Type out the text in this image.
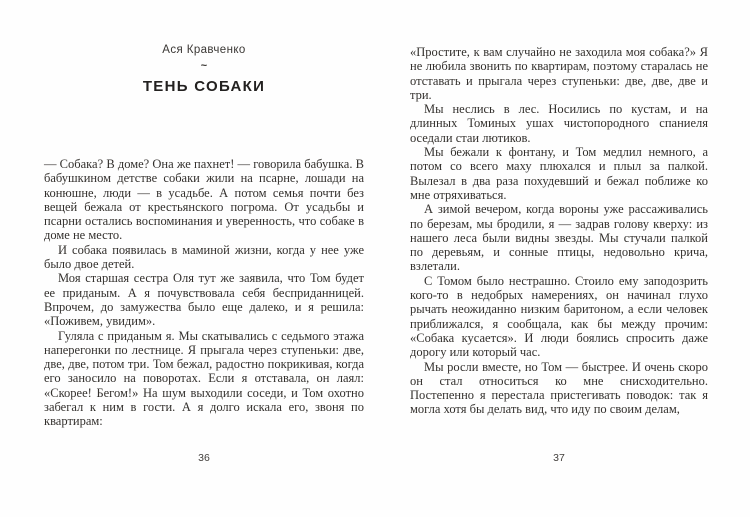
Ася Кравченко
~
ТЕНЬ СОБАКИ

— Собака? В доме? Она же пахнет! — говорила бабушка. В бабушкином детстве собаки жили на псарне, лошади на конюшне, люди — в усадьбе. А потом семья почти без вещей бежала от крестьянского погрома. От усадьбы и псарни остались воспоминания и уверенность, что собаке в доме не место.

И собака появилась в маминой жизни, когда у нее уже было двое детей.

Моя старшая сестра Оля тут же заявила, что Том будет ее приданым. А я почувствовала себя бесприданницей. Впрочем, до замужества было еще далеко, и я решила: «Поживем, увидим».

Гуляла с приданым я. Мы скатывались с седьмого этажа наперегонки по лестнице. Я прыгала через ступеньки: две, две, две, потом три. Том бежал, радостно покрикивая, когда его заносило на поворотах. Если я отставала, он лаял: «Скорее! Бегом!» На шум выходили соседи, и Том охотно забегал к ним в гости. А я долго искала его, звоня по квартирам:

«Простите, к вам случайно не заходила моя собака?» Я не любила звонить по квартирам, поэтому старалась не отставать и прыгала через ступеньки: две, две, две и три.

Мы неслись в лес. Носились по кустам, и на длинных Томиных ушах чистопородного спаниеля оседали стаи лютиков.

Мы бежали к фонтану, и Том медлил немного, а потом со всего маху плюхался и плыл за палкой. Вылезал в два раза похудевший и бежал поближе ко мне отряхиваться.

А зимой вечером, когда вороны уже рассаживались по березам, мы бродили, я — задрав голову кверху: из нашего леса были видны звезды. Мы стучали палкой по деревьям, и сонные птицы, недовольно крича, взлетали.

С Томом было нестрашно. Стоило ему заподозрить кого-то в недобрых намерениях, он начинал глухо рычать неожиданно низким баритоном, а если человек приближался, я сообщала, как бы между прочим: «Собака кусается». И люди боялись спросить даже дорогу или который час.

Мы росли вместе, но Том — быстрее. И очень скоро он стал относиться ко мне снисходительно. Постепенно я перестала пристегивать поводок: так я могла хотя бы делать вид, что иду по своим делам,

36	37
